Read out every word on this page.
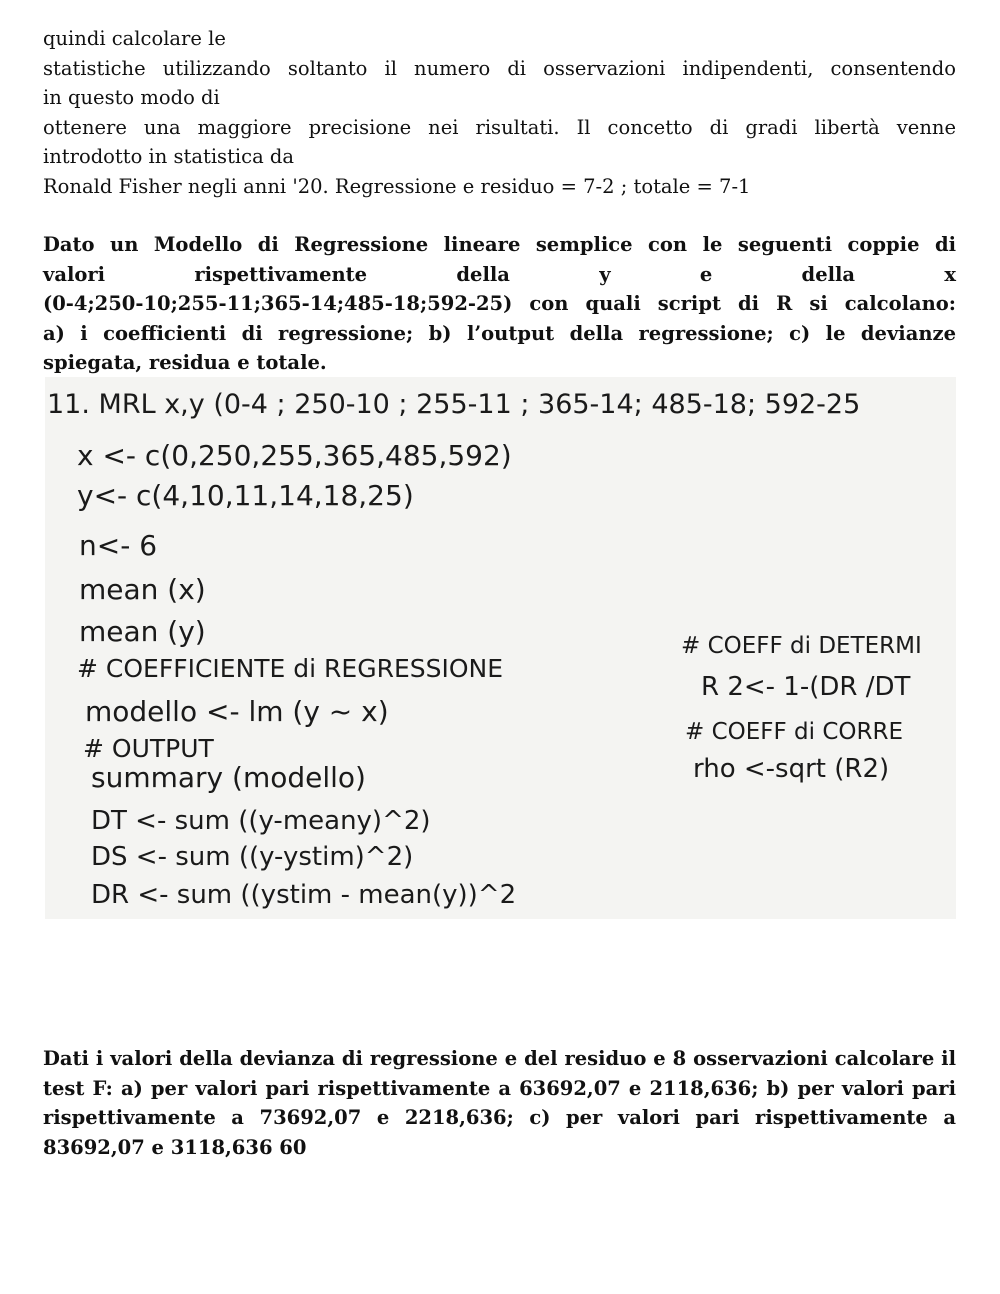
quindi calcolare le
statistiche utilizzando soltanto il numero di osservazioni indipendenti, consentendo
in questo modo di
ottenere una maggiore precisione nei risultati. Il concetto di gradi libertà venne
introdotto in statistica da
Ronald Fisher negli anni '20. Regressione e residuo = 7-2 ; totale = 7-1
Dato un Modello di Regressione lineare semplice con le seguenti coppie di
valori rispettivamente della y e della x
(0-4;250-10;255-11;365-14;485-18;592-25) con quali script di R si calcolano:
a) i coefficienti di regressione; b) l’output della regressione; c) le devianze
spiegata, residua e totale.
Dati i valori della devianza di regressione e del residuo e 8 osservazioni calcolare il test F: a) per valori pari rispettivamente a 63692,07 e 2118,636; b) per valori pari rispettivamente a 73692,07 e 2218,636; c) per valori pari rispettivamente a 83692,07 e 3118,636 60
11. MRL x,y (0-4 ; 250-10 ; 255-11 ; 365-14; 485-18; 592-25
x <- c(0,250,255,365,485,592)
y<- c(4,10,11,14,18,25)
n<- 6
mean (x)
mean (y)
# COEFFICIENTE di REGRESSIONE
modello <- lm (y ~ x)
# OUTPUT
summary (modello)
DT <- sum ((y-meany)^2)
DS <- sum ((y-ystim)^2)
DR <- sum ((ystim - mean(y))^2
# COEFF di DETERMI
R 2<- 1-(DR /DT
# COEFF di CORRE
rho <-sqrt (R2)
